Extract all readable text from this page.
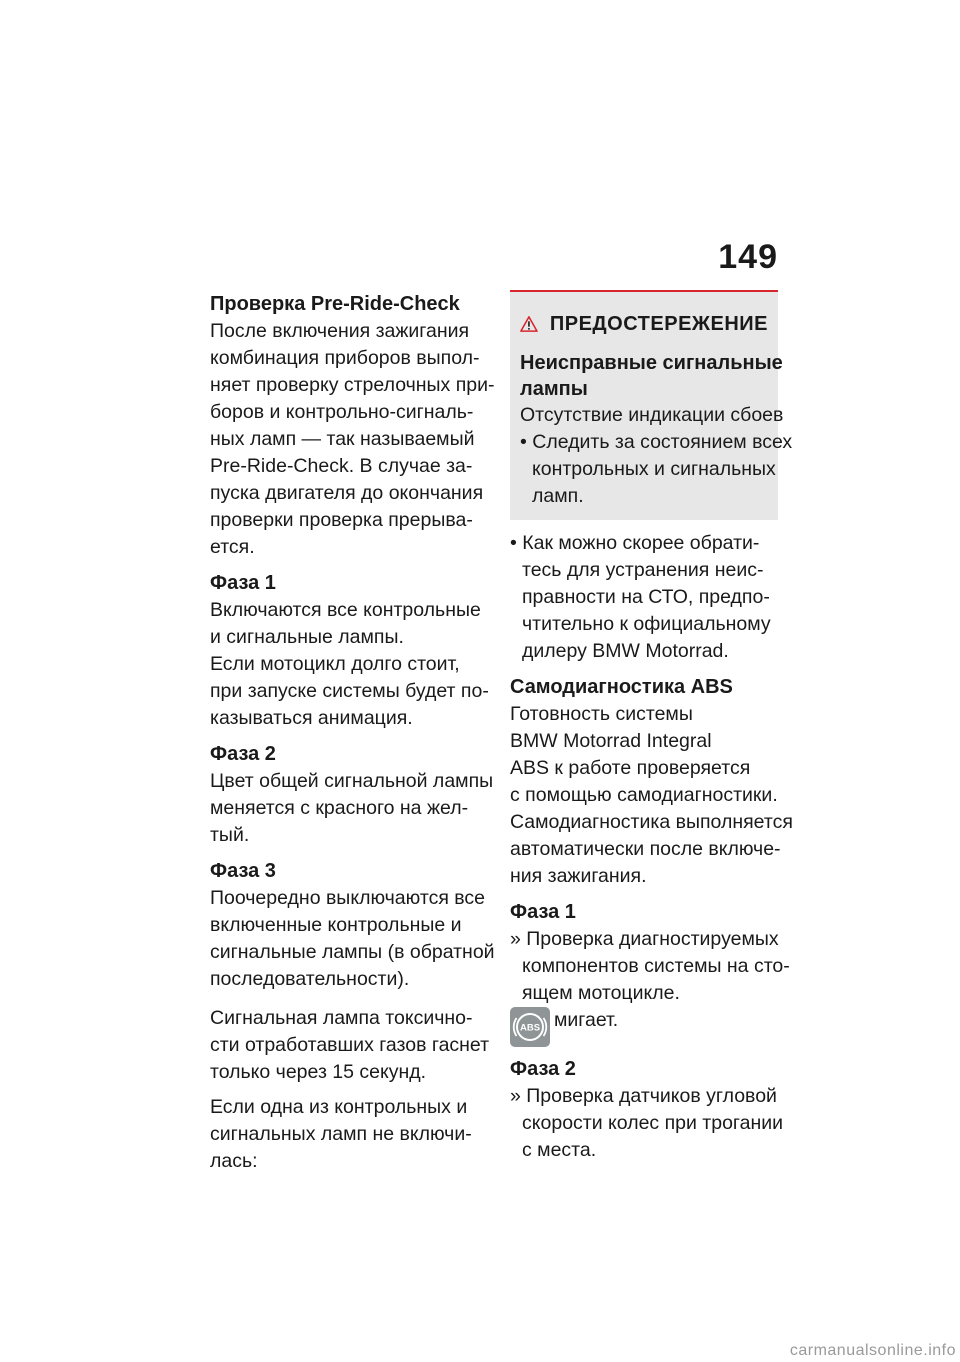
149
Проверка Pre-Ride-Check
После включения зажигания
комбинация приборов выпол-
няет проверку стрелочных при-
боров и контрольно-сигналь-
ных ламп — так называемый
Pre-Ride-Check. В случае за-
пуска двигателя до окончания
проверки проверка прерыва-
ется.
Фаза 1
Включаются все контрольные
и сигнальные лампы.
Если мотоцикл долго стоит,
при запуске системы будет по-
казываться анимация.
Фаза 2
Цвет общей сигнальной лампы
меняется с красного на жел-
тый.
Фаза 3
Поочередно выключаются все
включенные контрольные и
сигнальные лампы (в обратной
последовательности).
Сигнальная лампа токсично-
сти отработавших газов гаснет
только через 15 секунд.
Если одна из контрольных и
сигнальных ламп не включи-
лась:
ПРЕДОСТЕРЕЖЕНИЕ
Неисправные сигнальные
лампы
Отсутствие индикации сбоев
• Следить за состоянием всех
контрольных и сигнальных
ламп.
• Как можно скорее обрати-
тесь для устранения неис-
правности на СТО, предпо-
чтительно к официальному
дилеру BMW Motorrad.
Самодиагностика ABS
Готовность системы
BMW Motorrad Integral
ABS к работе проверяется
с помощью самодиагностики.
Самодиагностика выполняется
автоматически после включе-
ния зажигания.
Фаза 1
» Проверка диагностируемых
компонентов системы на сто-
ящем мотоцикле.
ABS мигает.
Фаза 2
» Проверка датчиков угловой
скорости колес при трогании
с места.
carmanualsonline.info
